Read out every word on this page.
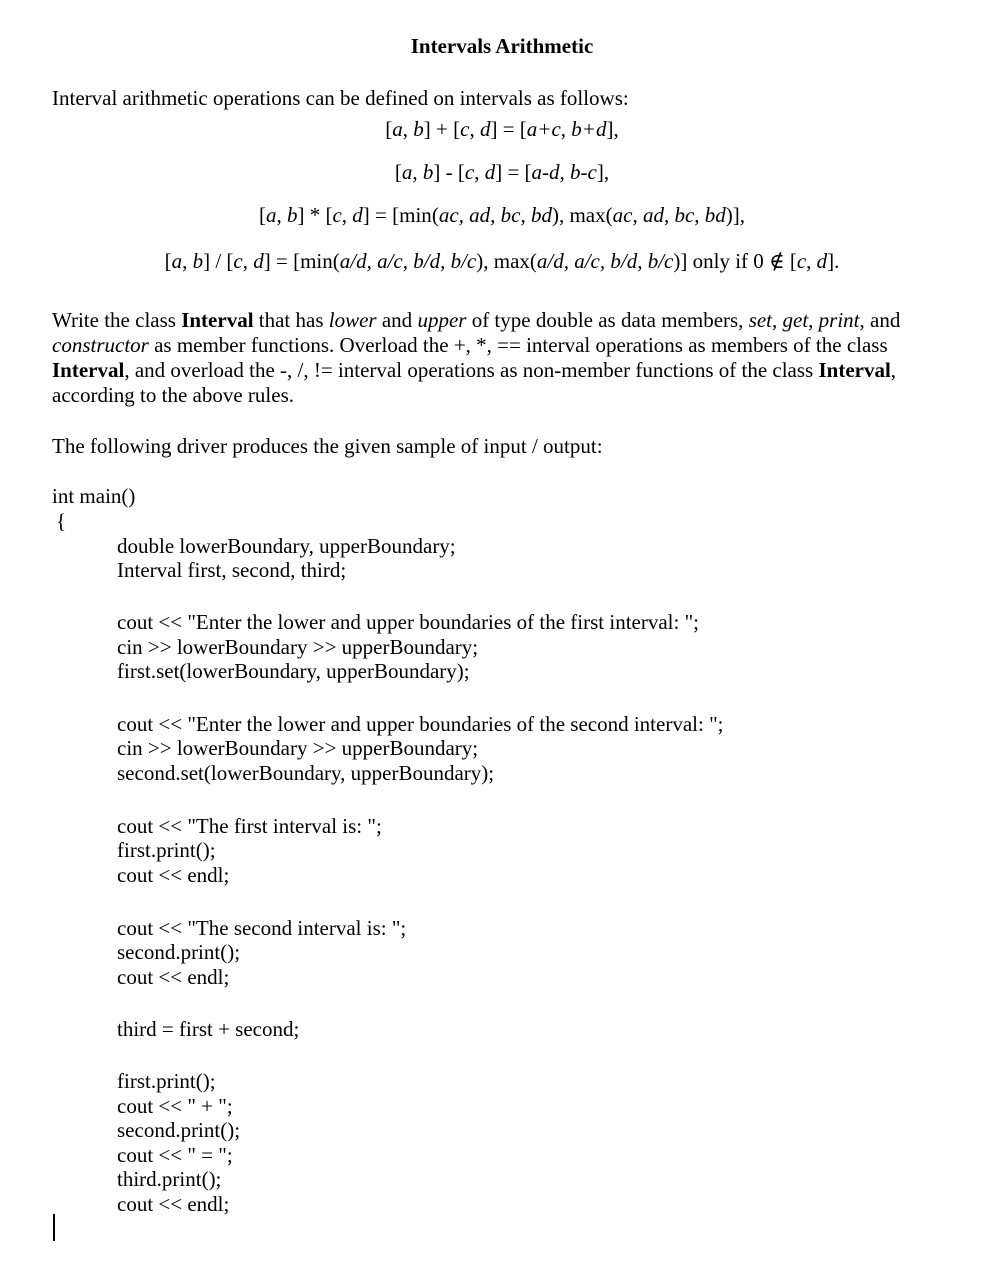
Intervals Arithmetic
Interval arithmetic operations can be defined on intervals as follows:
[a, b] + [c, d] = [a+c, b+d],
[a, b] - [c, d] = [a-d, b-c],
[a, b] * [c, d] = [min(ac, ad, bc, bd), max(ac, ad, bc, bd)],
[a, b] / [c, d] = [min(a/d, a/c, b/d, b/c), max(a/d, a/c, b/d, b/c)] only if 0 ∉ [c, d].
Write the class Interval that has lower and upper of type double as data members, set, get, print, and constructor as member functions. Overload the +, *, == interval operations as members of the class Interval, and overload the -, /, != interval operations as non-member functions of the class Interval, according to the above rules.
The following driver produces the given sample of input / output:
int main()
{
double lowerBoundary, upperBoundary;
Interval first, second, third;
cout << "Enter the lower and upper boundaries of the first interval: ";
cin >> lowerBoundary >> upperBoundary;
first.set(lowerBoundary, upperBoundary);
cout << "Enter the lower and upper boundaries of the second interval: ";
cin >> lowerBoundary >> upperBoundary;
second.set(lowerBoundary, upperBoundary);
cout << "The first interval is: ";
first.print();
cout << endl;
cout << "The second interval is: ";
second.print();
cout << endl;
third = first + second;
first.print();
cout << " + ";
second.print();
cout << " = ";
third.print();
cout << endl;
